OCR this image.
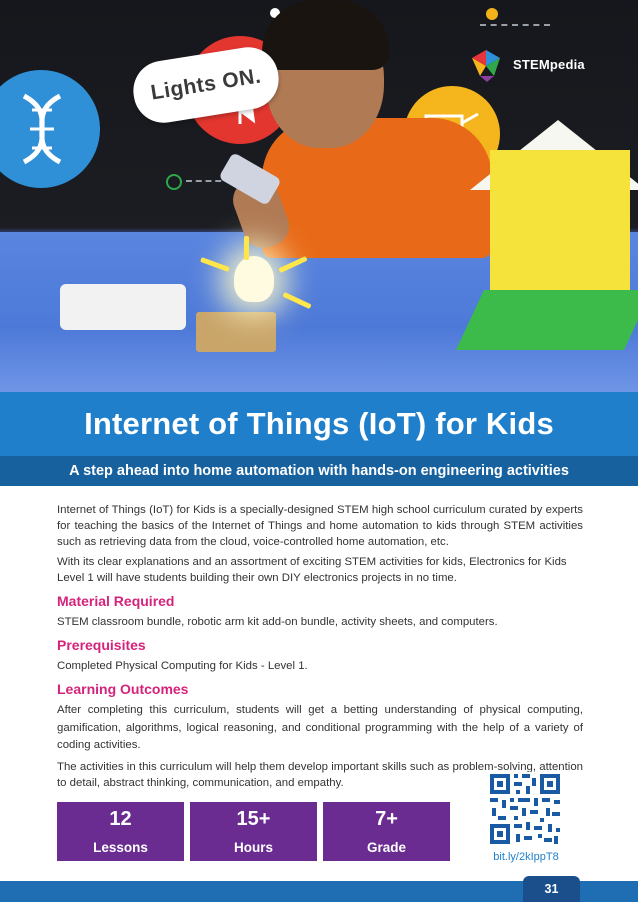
Lights ON.
STEMpedia
Internet of Things (IoT) for Kids
A step ahead into home automation with hands-on engineering activities

Internet of Things (IoT) for Kids is a specially-designed STEM high school curriculum curated by experts for teaching the basics of the Internet of Things and home automation to kids through STEM activities such as retrieving data from the cloud, voice-controlled home automation, etc.

With its clear explanations and an assortment of exciting STEM activities for kids, Electronics for Kids Level 1 will have students building their own DIY electronics projects in no time.

Material Required

STEM classroom bundle, robotic arm kit add-on bundle, activity sheets, and computers.

Prerequisites

Completed Physical Computing for Kids - Level 1.

Learning Outcomes

After completing this curriculum, students will get a betting understanding of physical computing, gamification, algorithms, logical reasoning, and conditional programming with the help of a variety of coding activities.

The activities in this curriculum will help them develop important skills such as problem-solving, attention to detail, abstract thinking, communication, and empathy.

12
Lessons
15+
Hours
7+
Grade
bit.ly/2kIppT8
31
